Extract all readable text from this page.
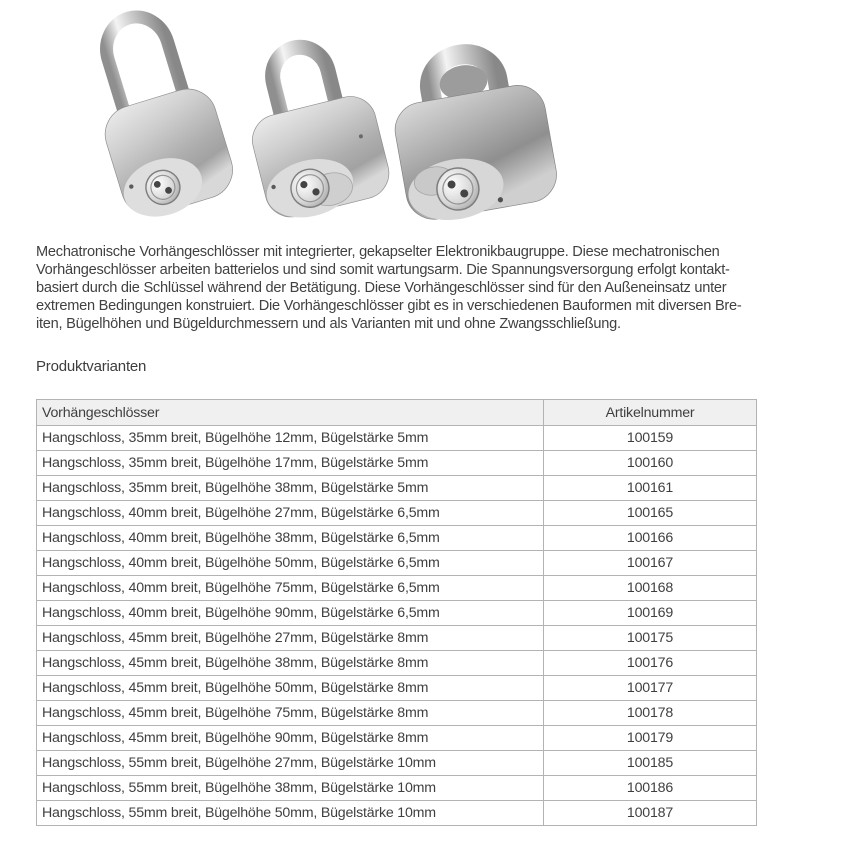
Mechatronische Vorhängeschlösser mit integrierter, gekapselter Elektronikbaugruppe. Diese mechatronischen
Vorhängeschlösser arbeiten batterielos und sind somit wartungsarm. Die Spannungsversorgung erfolgt kontakt-
basiert durch die Schlüssel während der Betätigung. Diese Vorhängeschlösser sind für den Außeneinsatz unter
extremen Bedingungen konstruiert. Die Vorhängeschlösser gibt es in verschiedenen Bauformen mit diversen Bre-
iten, Bügelhöhen und Bügeldurchmessern und als Varianten mit und ohne Zwangsschließung.
Produktvarianten
Vorhängeschlösser	Artikelnummer
Hangschloss, 35mm breit, Bügelhöhe 12mm, Bügelstärke 5mm	100159
Hangschloss, 35mm breit, Bügelhöhe 17mm, Bügelstärke 5mm	100160
Hangschloss, 35mm breit, Bügelhöhe 38mm, Bügelstärke 5mm	100161
Hangschloss, 40mm breit, Bügelhöhe 27mm, Bügelstärke 6,5mm	100165
Hangschloss, 40mm breit, Bügelhöhe 38mm, Bügelstärke 6,5mm	100166
Hangschloss, 40mm breit, Bügelhöhe 50mm, Bügelstärke 6,5mm	100167
Hangschloss, 40mm breit, Bügelhöhe 75mm, Bügelstärke 6,5mm	100168
Hangschloss, 40mm breit, Bügelhöhe 90mm, Bügelstärke 6,5mm	100169
Hangschloss, 45mm breit, Bügelhöhe 27mm, Bügelstärke 8mm	100175
Hangschloss, 45mm breit, Bügelhöhe 38mm, Bügelstärke 8mm	100176
Hangschloss, 45mm breit, Bügelhöhe 50mm, Bügelstärke 8mm	100177
Hangschloss, 45mm breit, Bügelhöhe 75mm, Bügelstärke 8mm	100178
Hangschloss, 45mm breit, Bügelhöhe 90mm, Bügelstärke 8mm	100179
Hangschloss, 55mm breit, Bügelhöhe 27mm, Bügelstärke 10mm	100185
Hangschloss, 55mm breit, Bügelhöhe 38mm, Bügelstärke 10mm	100186
Hangschloss, 55mm breit, Bügelhöhe 50mm, Bügelstärke 10mm	100187
